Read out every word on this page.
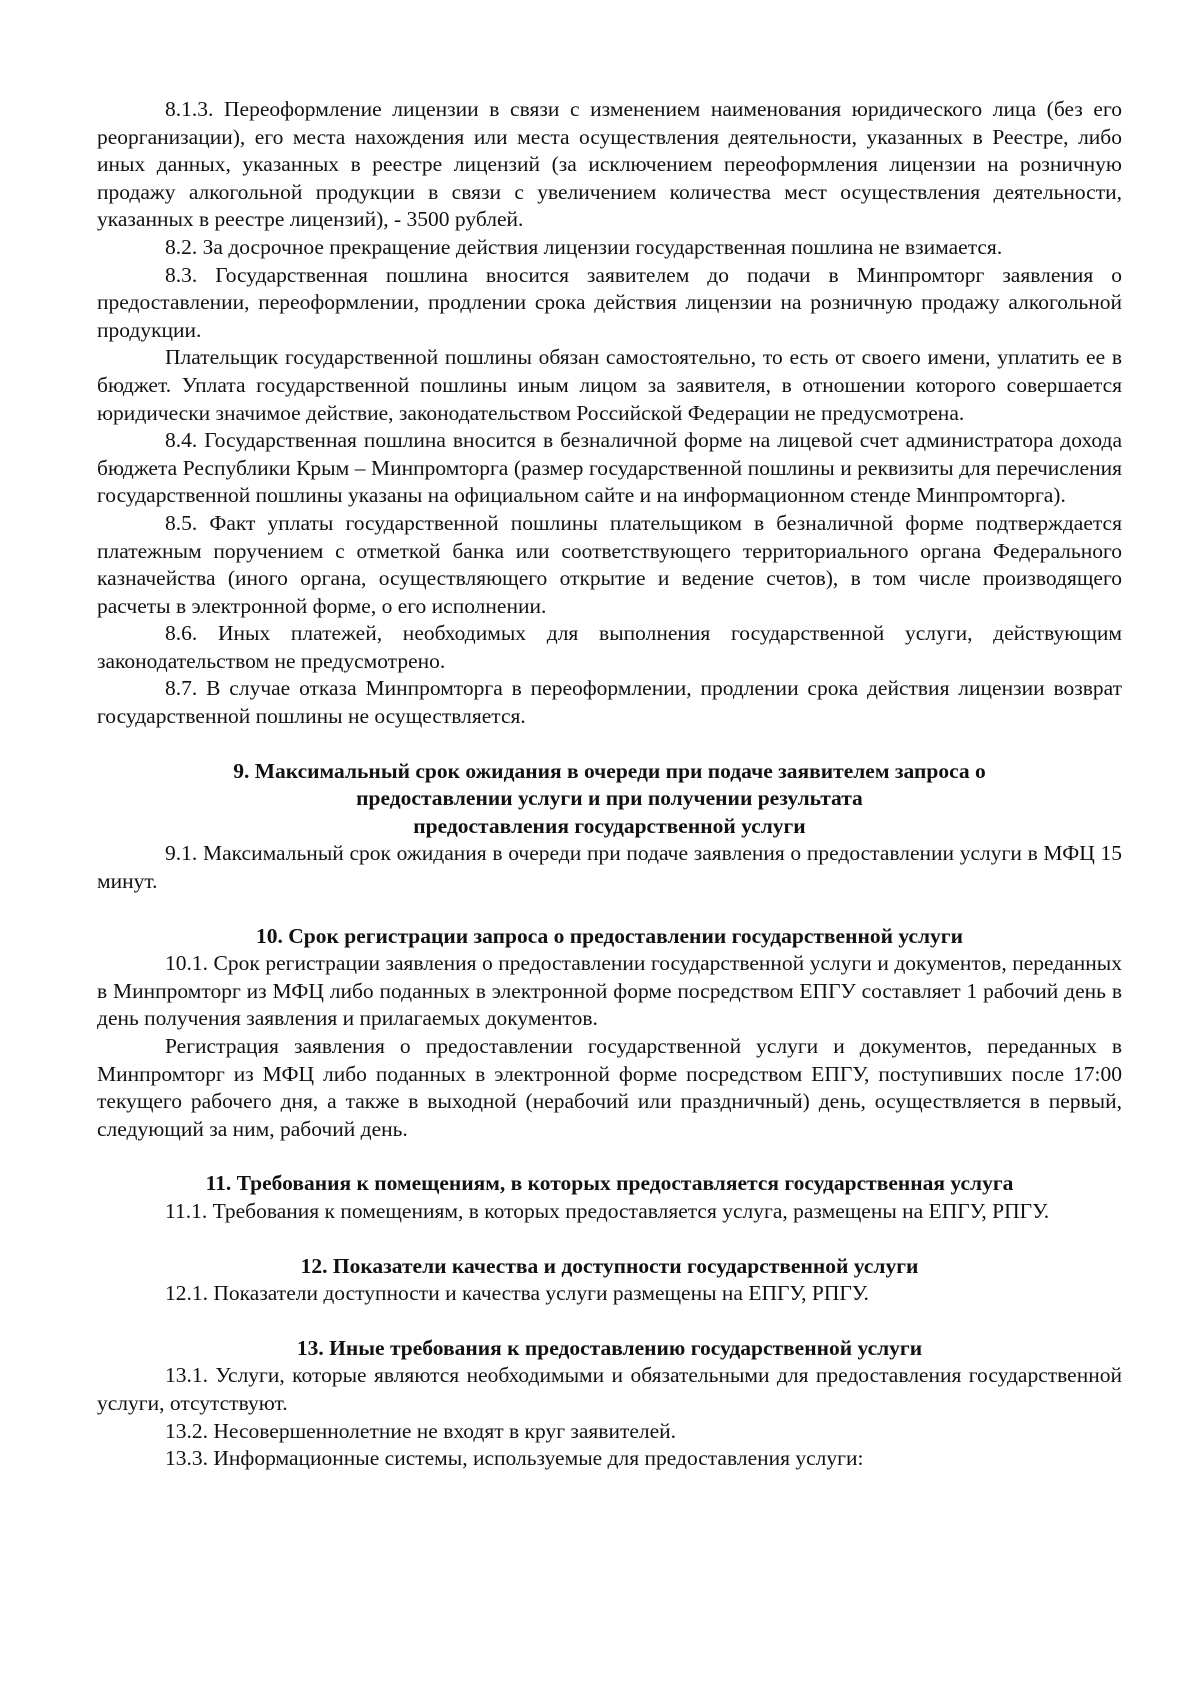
8.1.3. Переоформление лицензии в связи с изменением наименования юридического лица (без его реорганизации), его места нахождения или места осуществления деятельности, указанных в Реестре, либо иных данных, указанных в реестре лицензий (за исключением переоформления лицензии на розничную продажу алкогольной продукции в связи с увеличением количества мест осуществления деятельности, указанных в реестре лицензий), - 3500 рублей.

8.2. За досрочное прекращение действия лицензии государственная пошлина не взимается.

8.3. Государственная пошлина вносится заявителем до подачи в Минпромторг заявления о предоставлении, переоформлении, продлении срока действия лицензии на розничную продажу алкогольной продукции.

Плательщик государственной пошлины обязан самостоятельно, то есть от своего имени, уплатить ее в бюджет. Уплата государственной пошлины иным лицом за заявителя, в отношении которого совершается юридически значимое действие, законодательством Российской Федерации не предусмотрена.

8.4. Государственная пошлина вносится в безналичной форме на лицевой счет администратора дохода бюджета Республики Крым – Минпромторга (размер государственной пошлины и реквизиты для перечисления государственной пошлины указаны на официальном сайте и на информационном стенде Минпромторга).

8.5. Факт уплаты государственной пошлины плательщиком в безналичной форме подтверждается платежным поручением с отметкой банка или соответствующего территориального органа Федерального казначейства (иного органа, осуществляющего открытие и ведение счетов), в том числе производящего расчеты в электронной форме, о его исполнении.

8.6. Иных платежей, необходимых для выполнения государственной услуги, действующим законодательством не предусмотрено.

8.7. В случае отказа Минпромторга в переоформлении, продлении срока действия лицензии возврат государственной пошлины не осуществляется.

9. Максимальный срок ожидания в очереди при подаче заявителем запроса о
предоставлении услуги и при получении результата
предоставления государственной услуги

9.1. Максимальный срок ожидания в очереди при подаче заявления о предоставлении услуги в МФЦ 15 минут.

10. Срок регистрации запроса о предоставлении государственной услуги

10.1. Срок регистрации заявления о предоставлении государственной услуги и документов, переданных в Минпромторг из МФЦ либо поданных в электронной форме посредством ЕПГУ составляет 1 рабочий день в день получения заявления и прилагаемых документов.

Регистрация заявления о предоставлении государственной услуги и документов, переданных в Минпромторг из МФЦ либо поданных в электронной форме посредством ЕПГУ, поступивших после 17:00 текущего рабочего дня, а также в выходной (нерабочий или праздничный) день, осуществляется в первый, следующий за ним, рабочий день.

11. Требования к помещениям, в которых предоставляется государственная услуга

11.1. Требования к помещениям, в которых предоставляется услуга, размещены на ЕПГУ, РПГУ.

12. Показатели качества и доступности государственной услуги

12.1. Показатели доступности и качества услуги размещены на ЕПГУ, РПГУ.

13. Иные требования к предоставлению государственной услуги

13.1. Услуги, которые являются необходимыми и обязательными для предоставления государственной услуги, отсутствуют.

13.2. Несовершеннолетние не входят в круг заявителей.

13.3. Информационные системы, используемые для предоставления услуги:
